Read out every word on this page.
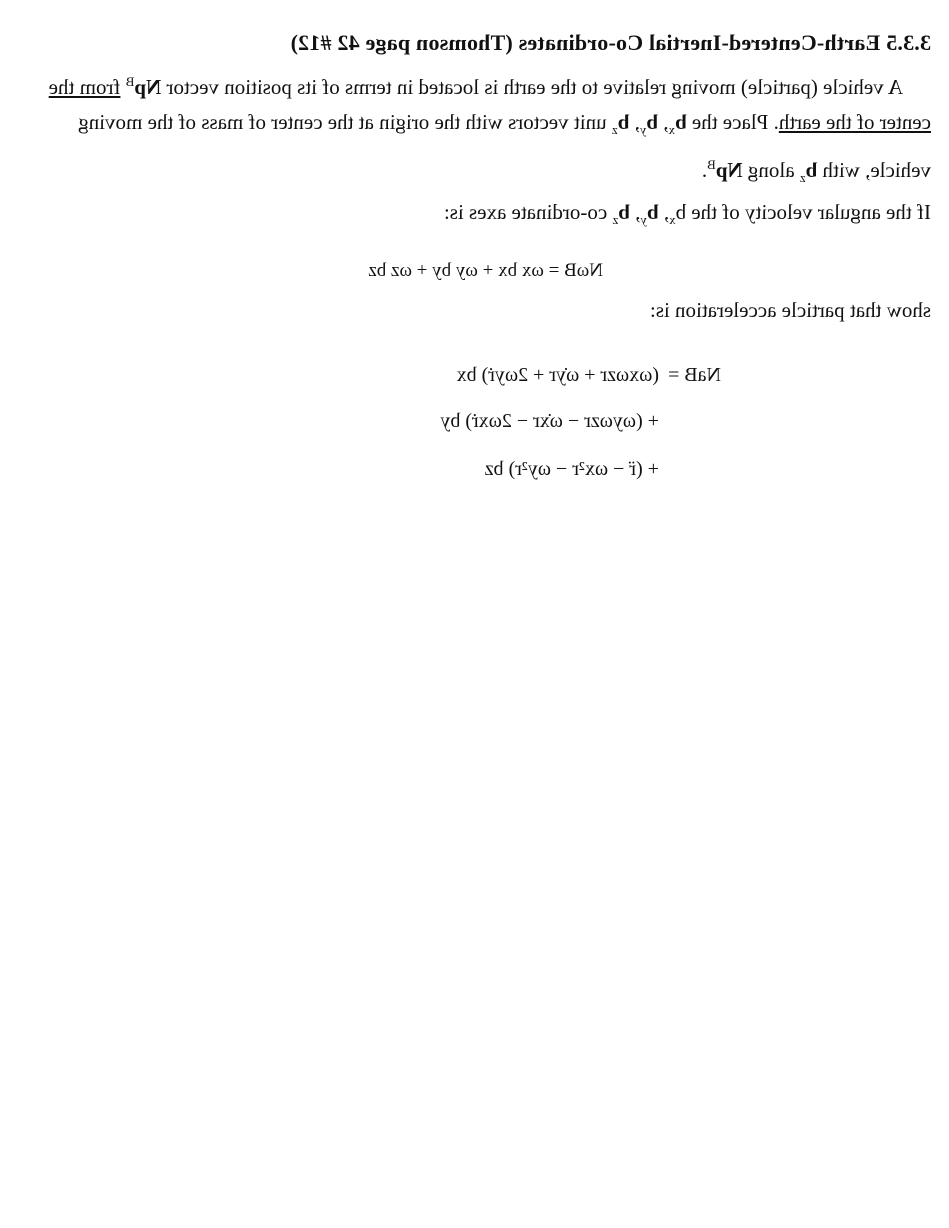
3.3.5 Earth-Centered-Inertial Co-ordinates (Thomson page 42 #12)

A vehicle (particle) moving relative to the earth is located in terms of its position vector $Np^B$ from the center of the earth. Place the $b_x$, $b_y$, $b_z$ unit vectors with the origin at the center of mass of the moving vehicle, with $b_z$ along $Np^B$.

If the angular velocity of the $b_x$, $b_y$, $b_z$ co-ordinate axes is:

NωB = ωx bx + ωy by + ωz bz
show that particle acceleration is:
NaB =(ωxωzr + ω̇yr + 2ωyṙ) bx
+ (ωyωzr − ω̇xr − 2ωxṙ) by
+ (r̈ − ωx²r − ωy²r) bz
